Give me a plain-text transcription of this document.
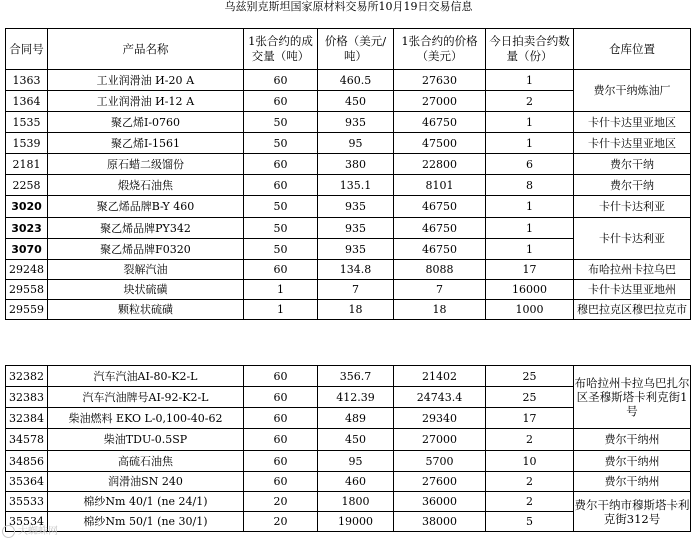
乌兹别克斯坦国家原材料交易所10月19日交易信息
合同号	产品名称	1张合约的成交量（吨）	价格（美元/吨）	1张合约的价格（美元）	今日拍卖合约数量（份）	仓库位置
1363	工业润滑油 И-20 А	60	460.5	27630	1	费尔干纳炼油厂
1364	工业润滑油 И-12 А	60	450	27000	2	
1535	聚乙烯I-0760	50	935	46750	1	卡什卡达里亚地区
1539	聚乙烯I-1561	50	95	47500	1	卡什卡达里亚地区
2181	原石蜡二级馏份	60	380	22800	6	费尔干纳
2258	煅烧石油焦	60	135.1	8101	8	费尔干纳
3020	聚乙烯品牌B-Y 460	50	935	46750	1	卡什卡达利亚
3023	聚乙烯品牌PY342	50	935	46750	1	卡什卡达利亚
3070	聚乙烯品牌F0320	50	935	46750	1	
29248	裂解汽油	60	134.8	8088	17	布哈拉州卡拉乌巴
29558	块状硫磺	1	7	7	16000	卡什卡达里亚地州
29559	颗粒状硫磺	1	18	18	1000	穆巴拉克区穆巴拉克市
32382	汽车汽油AI-80-K2-L	60	356.7	21402	25	布哈拉州卡拉乌巴扎尔区圣穆斯塔卡利克街1号
32383	汽车汽油牌号AI-92-K2-L	60	412.39	24743.4	25	
32384	柴油燃料 EKO L-0,100-40-62	60	489	29340	17	
34578	柴油TDU-0.5SP	60	450	27000	2	费尔干纳州
34856	高硫石油焦	60	95	5700	10	费尔干纳州
35364	润滑油SN 240	60	460	27600	2	费尔干纳州
35533	棉纱Nm 40/1 (ne 24/1)	20	1800	36000	2	费尔干纳市穆斯塔卡利克街312号
35534	棉纱Nm 50/1 (ne 30/1)	20	19000	38000	5	
大蜘蛛网
